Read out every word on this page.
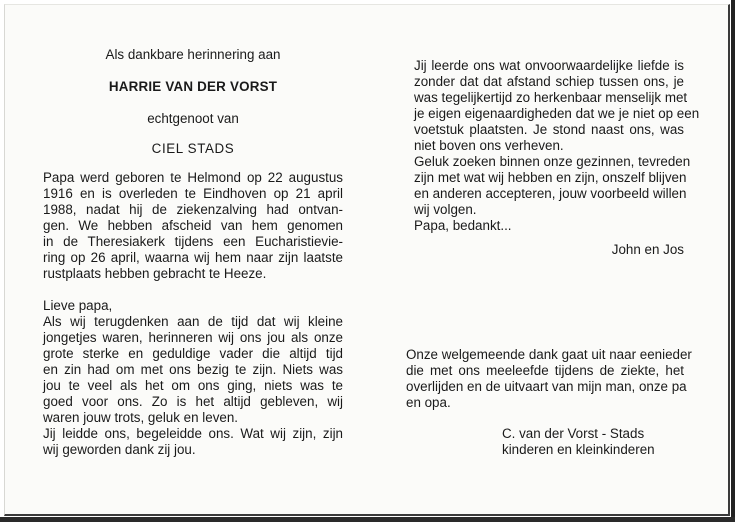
Als dankbare herinnering aan
HARRIE VAN DER VORST
echtgenoot van
CIEL STADS
Papa werd geboren te Helmond op 22 augustus
1916 en is overleden te Eindhoven op 21 april
1988, nadat hij de ziekenzalving had ontvan-
gen. We hebben afscheid van hem genomen
in de Theresiakerk tijdens een Eucharistievie-
ring op 26 april, waarna wij hem naar zijn laatste
rustplaats hebben gebracht te Heeze.
Lieve papa,
Als wij terugdenken aan de tijd dat wij kleine
jongetjes waren, herinneren wij ons jou als onze
grote sterke en geduldige vader die altijd tijd
en zin had om met ons bezig te zijn. Niets was
jou te veel als het om ons ging, niets was te
goed voor ons. Zo is het altijd gebleven, wij
waren jouw trots, geluk en leven.
Jij leidde ons, begeleidde ons. Wat wij zijn, zijn
wij geworden dank zij jou.
Jij leerde ons wat onvoorwaardelijke liefde is
zonder dat dat afstand schiep tussen ons, je
was tegelijkertijd zo herkenbaar menselijk met
je eigen eigenaardigheden dat we je niet op een
voetstuk plaatsten. Je stond naast ons, was
niet boven ons verheven.
Geluk zoeken binnen onze gezinnen, tevreden
zijn met wat wij hebben en zijn, onszelf blijven
en anderen accepteren, jouw voorbeeld willen
wij volgen.
Papa, bedankt...
John en Jos
Onze welgemeende dank gaat uit naar eenieder
die met ons meeleefde tijdens de ziekte, het
overlijden en de uitvaart van mijn man, onze pa
en opa.
C. van der Vorst - Stads
kinderen en kleinkinderen
